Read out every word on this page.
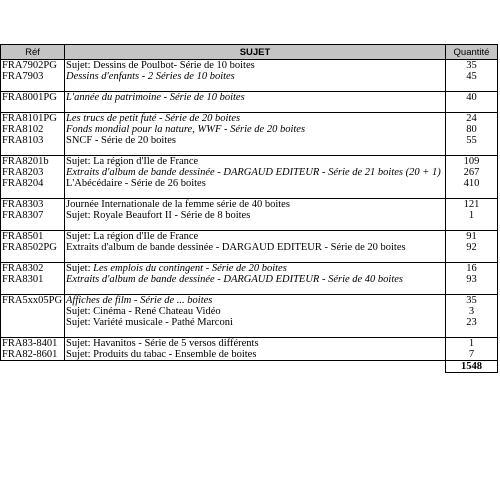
Réf	SUJET	Quantité
FRA7902PG	Sujet: Dessins de Poulbot- Série de 10 boites	35
FRA7903	Dessins d'enfants - 2 Séries de 10 boites	45

FRA8001PG	L'année du patrimoine - Série de 10 boites	40

FRA8101PG	Les trucs de petit futé - Série de 20 boites	24
FRA8102	Fonds mondial pour la nature, WWF - Série de 20 boites	80
FRA8103	SNCF - Série de 20 boites	55

FRA8201b	Sujet: La région d'Ile de France	109
FRA8203	Extraits d'album de bande dessinée - DARGAUD EDITEUR - Série de 21 boites (20 + 1)	267
FRA8204	L'Abécédaire - Série de 26 boites	410

FRA8303	Journée Internationale de la femme série de 40 boites	121
FRA8307	Sujet: Royale Beaufort II - Série de 8 boites	1

FRA8501	Sujet: La région d'Ile de France	91
FRA8502PG	Extraits d'album de bande dessinée - DARGAUD EDITEUR - Série de 20 boites	92

FRA8302	Sujet: Les emplois du contingent - Série de 20 boites	16
FRA8301	Extraits d'album de bande dessinée - DARGAUD EDITEUR - Série de 40 boites	93

FRA5xx05PG	Affiches de film - Série de ... boites	35
	Sujet: Cinéma - René Chateau Vidéo	3
	Sujet: Variété musicale - Pathé Marconi	23

FRA83-8401	Sujet: Havanitos - Série de 5 versos différents	1
FRA82-8601	Sujet: Produits du tabac - Ensemble de boites	7
		1548
